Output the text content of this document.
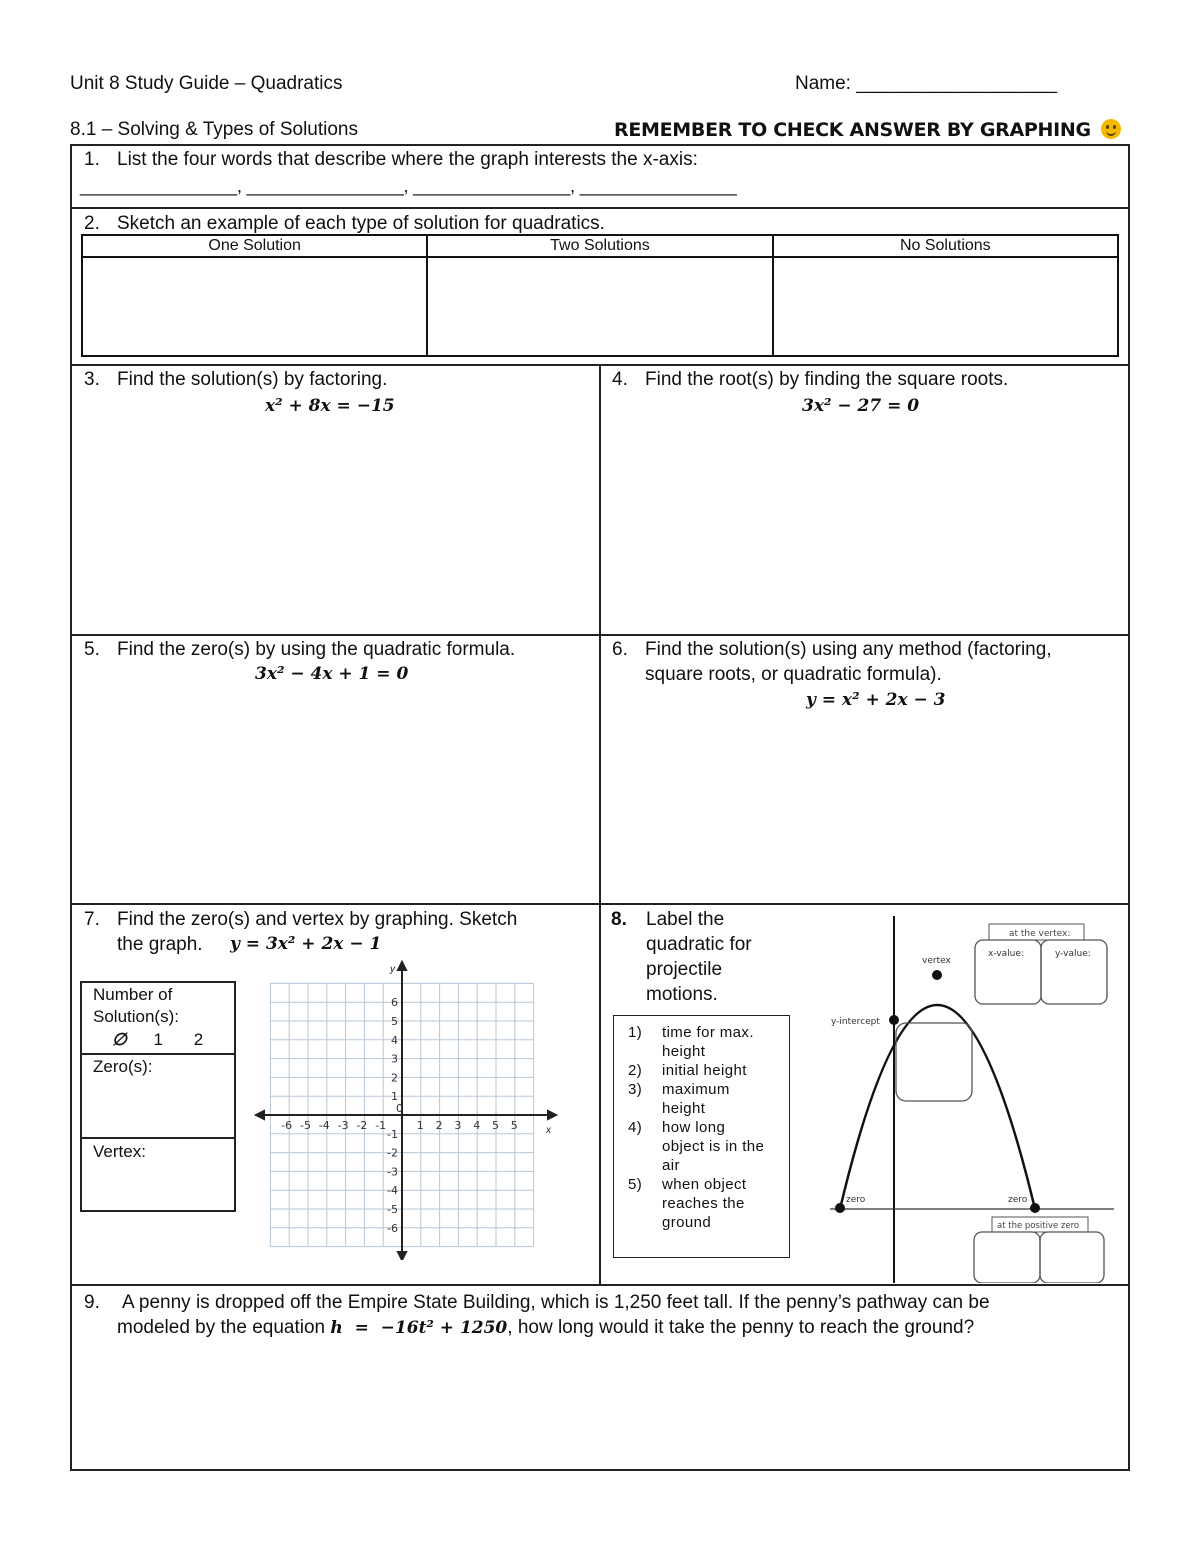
Unit 8 Study Guide – Quadratics	Name: ___________________
8.1 – Solving & Types of Solutions	REMEMBER TO CHECK ANSWER BY GRAPHING
1. List the four words that describe where the graph interests the x-axis:
________________, ________________, ________________, ________________
2. Sketch an example of each type of solution for quadratics.
One Solution	Two Solutions	No Solutions

3. Find the solution(s) by factoring.
x² + 8x = −15
4. Find the root(s) by finding the square roots.
3x² − 27 = 0
5. Find the zero(s) by using the quadratic formula.
3x² − 4x + 1 = 0
6. Find the solution(s) using any method (factoring,
square roots, or quadratic formula).
y = x² + 2x − 3
7. Find the zero(s) and vertex by graphing. Sketch
the graph. y = 3x² + 2x − 1
Number of Solution(s):
∅ 1 2
Zero(s):
Vertex:
x
y
-6 -5 -4 -3 -2 -1	1 2 3 4 5 5
0
1
2
3
4
5
6
-1
-2
-3
-4
-5
-6
8. Label the
quadratic for
projectile
motions.
1)	time for max.
height
2)	initial height
3)	maximum
height
4)	how long
object is in the
air
5)	when object
reaches the
ground
vertex
y-intercept
zero	zero
at the vertex:
x-value:	y-value:
at the positive zero
9. A penny is dropped off the Empire State Building, which is 1,250 feet tall. If the penny’s pathway can be
modeled by the equation h  =  −16t² + 1250, how long would it take the penny to reach the ground?
